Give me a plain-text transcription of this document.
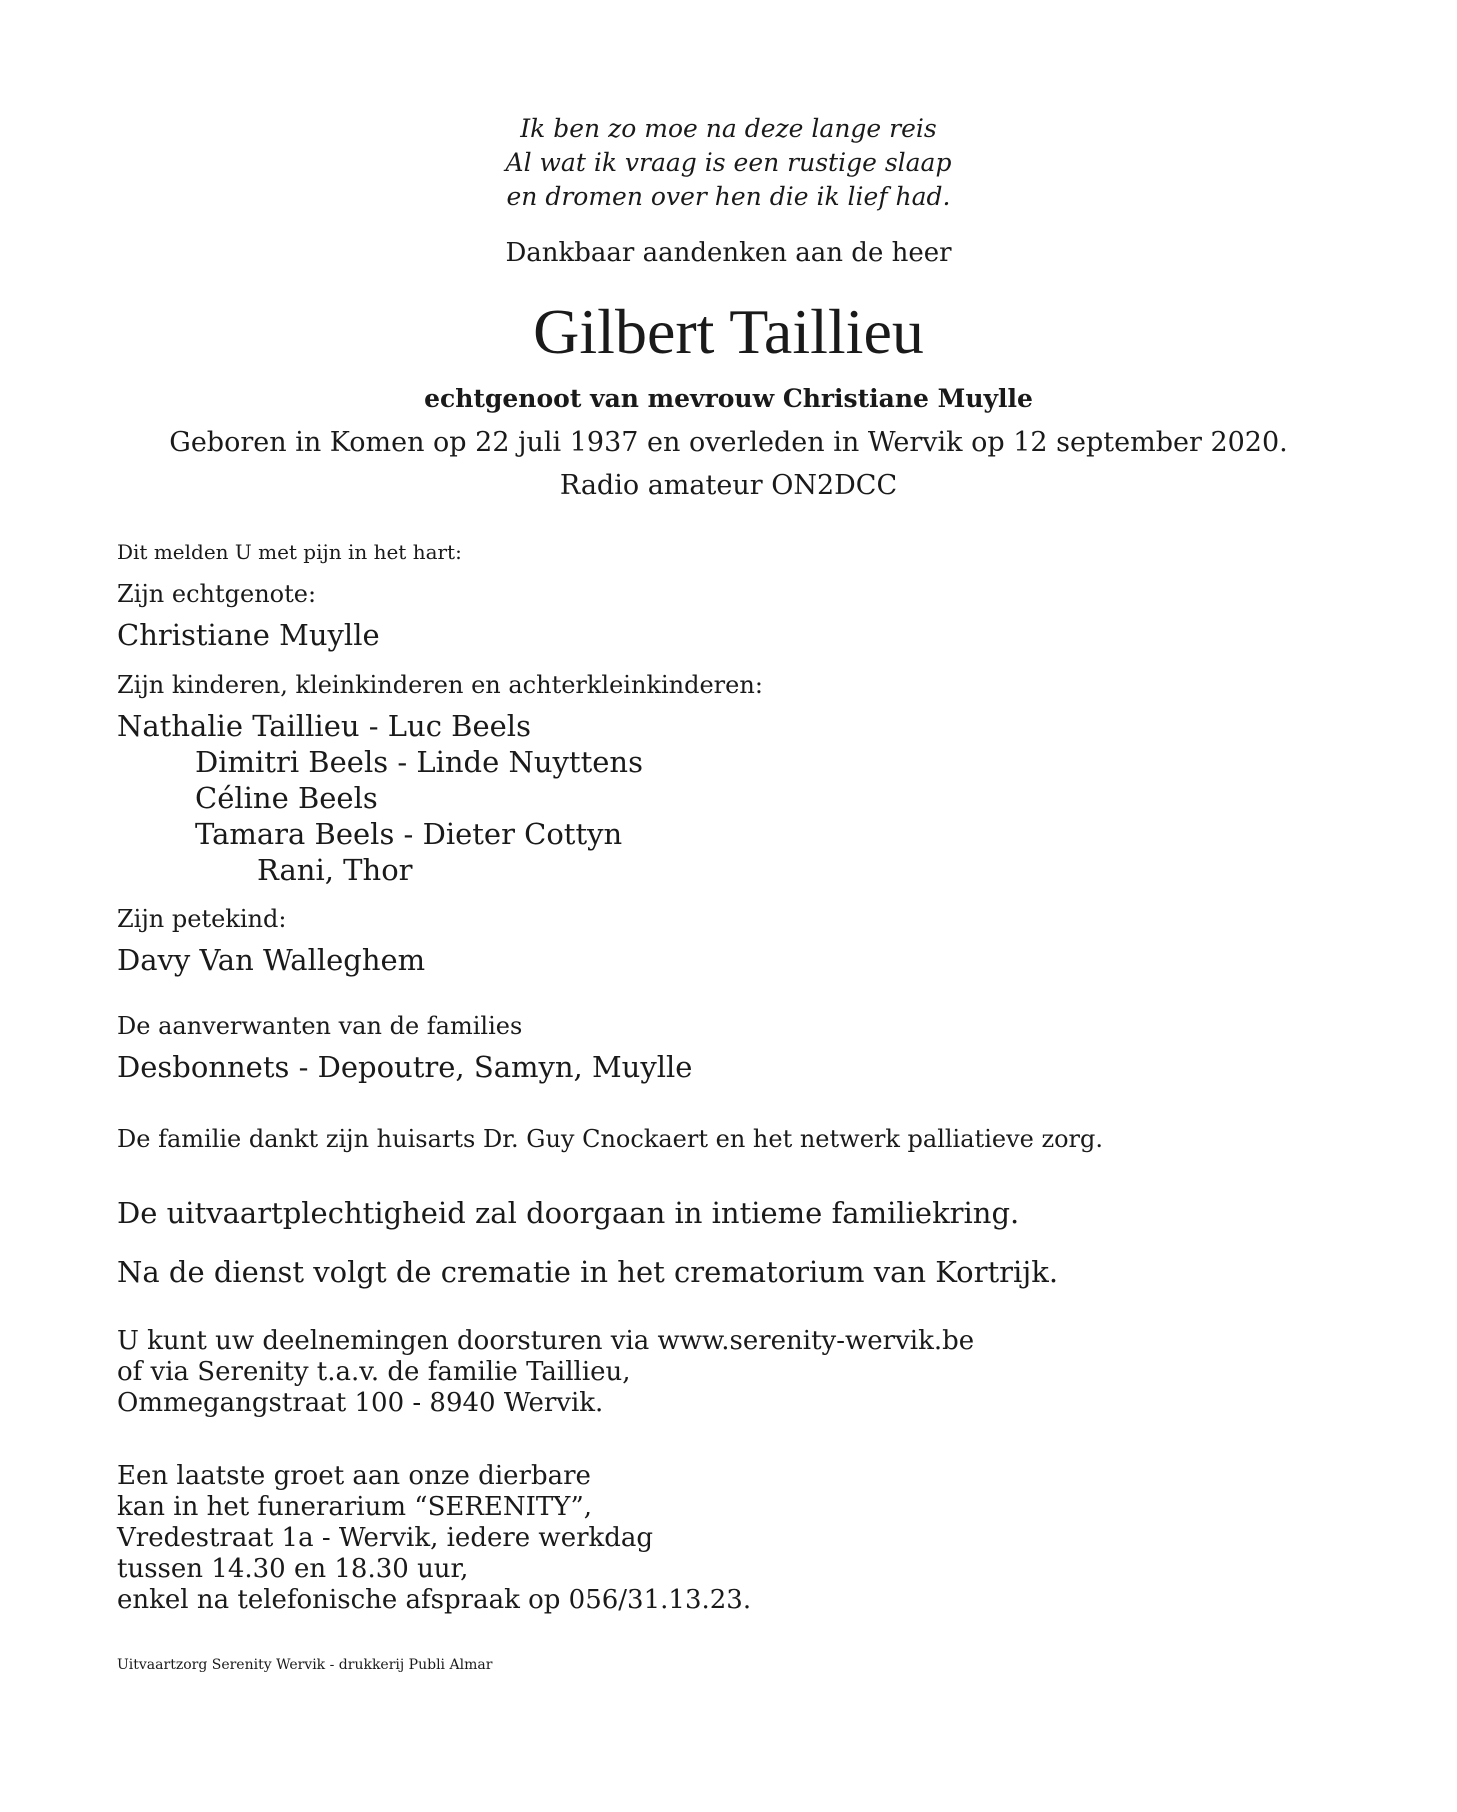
Ik ben zo moe na deze lange reis
Al wat ik vraag is een rustige slaap
en dromen over hen die ik lief had.
Dankbaar aandenken aan de heer
Gilbert Taillieu
echtgenoot van mevrouw Christiane Muylle
Geboren in Komen op 22 juli 1937 en overleden in Wervik op 12 september 2020.
Radio amateur ON2DCC
Dit melden U met pijn in het hart:
Zijn echtgenote:
Christiane Muylle
Zijn kinderen, kleinkinderen en achterkleinkinderen:
Nathalie Taillieu - Luc Beels
Dimitri Beels - Linde Nuyttens
Céline Beels
Tamara Beels - Dieter Cottyn
Rani, Thor
Zijn petekind:
Davy Van Walleghem
De aanverwanten van de families
Desbonnets - Depoutre, Samyn, Muylle
De familie dankt zijn huisarts Dr. Guy Cnockaert en het netwerk palliatieve zorg.
De uitvaartplechtigheid zal doorgaan in intieme familiekring.
Na de dienst volgt de crematie in het crematorium van Kortrijk.
U kunt uw deelnemingen doorsturen via www.serenity-wervik.be
of via Serenity t.a.v. de familie Taillieu,
Ommegangstraat 100 - 8940 Wervik.
Een laatste groet aan onze dierbare
kan in het funerarium “SERENITY”,
Vredestraat 1a - Wervik, iedere werkdag
tussen 14.30 en 18.30 uur,
enkel na telefonische afspraak op 056/31.13.23.
Uitvaartzorg Serenity Wervik - drukkerij Publi Almar
